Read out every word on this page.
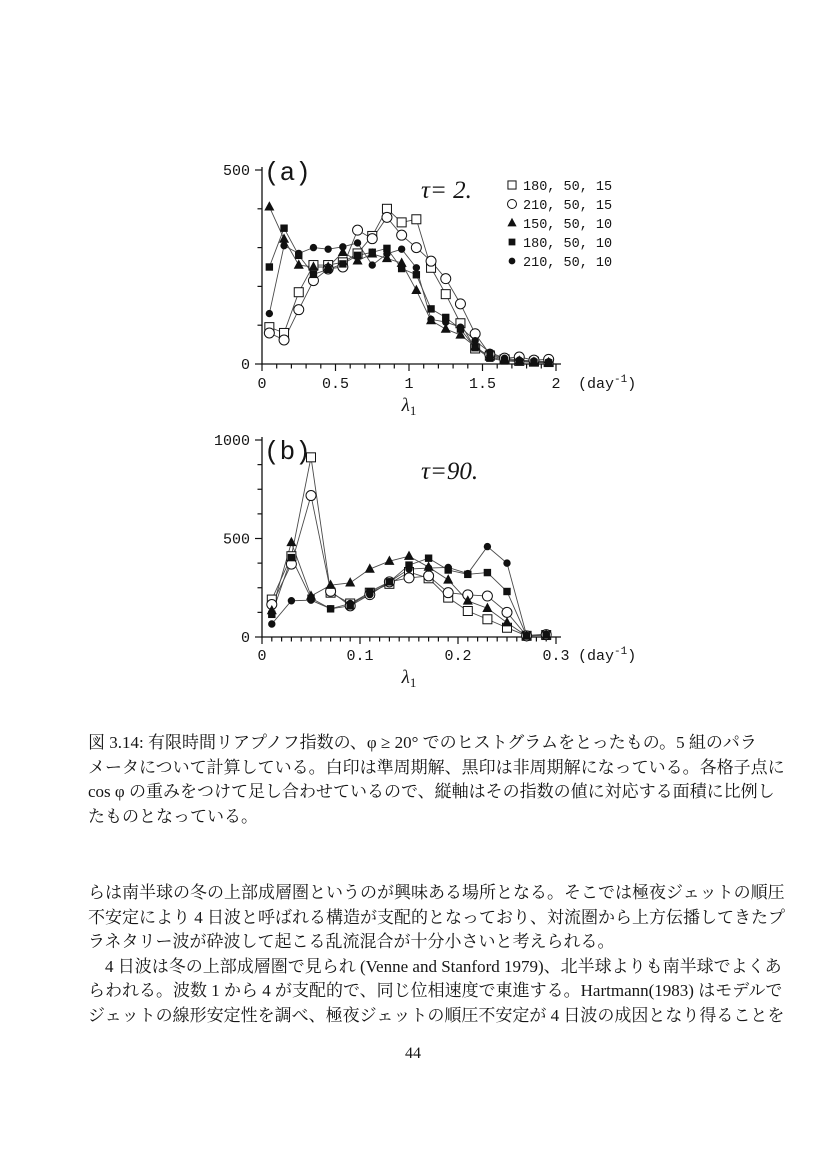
0
500
0	0.5	1	1.5	2
180, 50, 15
210, 50, 15
150, 50, 10
180, 50, 10
210, 50, 10
(a)
τ= 2.
(day$^{-1}$)
$\lambda_1$
0
500
1000
0	0.1	0.2	0.3
(b)
τ=90.
(day$^{-1}$)
$\lambda_1$

図 3.14: 有限時間リアプノフ指数の、φ ≥ 20° でのヒストグラムをとったもの。5 組のパラ

メータについて計算している。白印は準周期解、黒印は非周期解になっている。各格子点に

cos φ の重みをつけて足し合わせているので、縦軸はその指数の値に対応する面積に比例し

たものとなっている。

らは南半球の冬の上部成層圏というのが興味ある場所となる。そこでは極夜ジェットの順圧

不安定により 4 日波と呼ばれる構造が支配的となっており、対流圏から上方伝播してきたプ

ラネタリー波が砕波して起こる乱流混合が十分小さいと考えられる。

　4 日波は冬の上部成層圏で見られ (Venne and Stanford 1979)、北半球よりも南半球でよくあ

らわれる。波数 1 から 4 が支配的で、同じ位相速度で東進する。Hartmann(1983) はモデルで

ジェットの線形安定性を調べ、極夜ジェットの順圧不安定が 4 日波の成因となり得ることを

44
